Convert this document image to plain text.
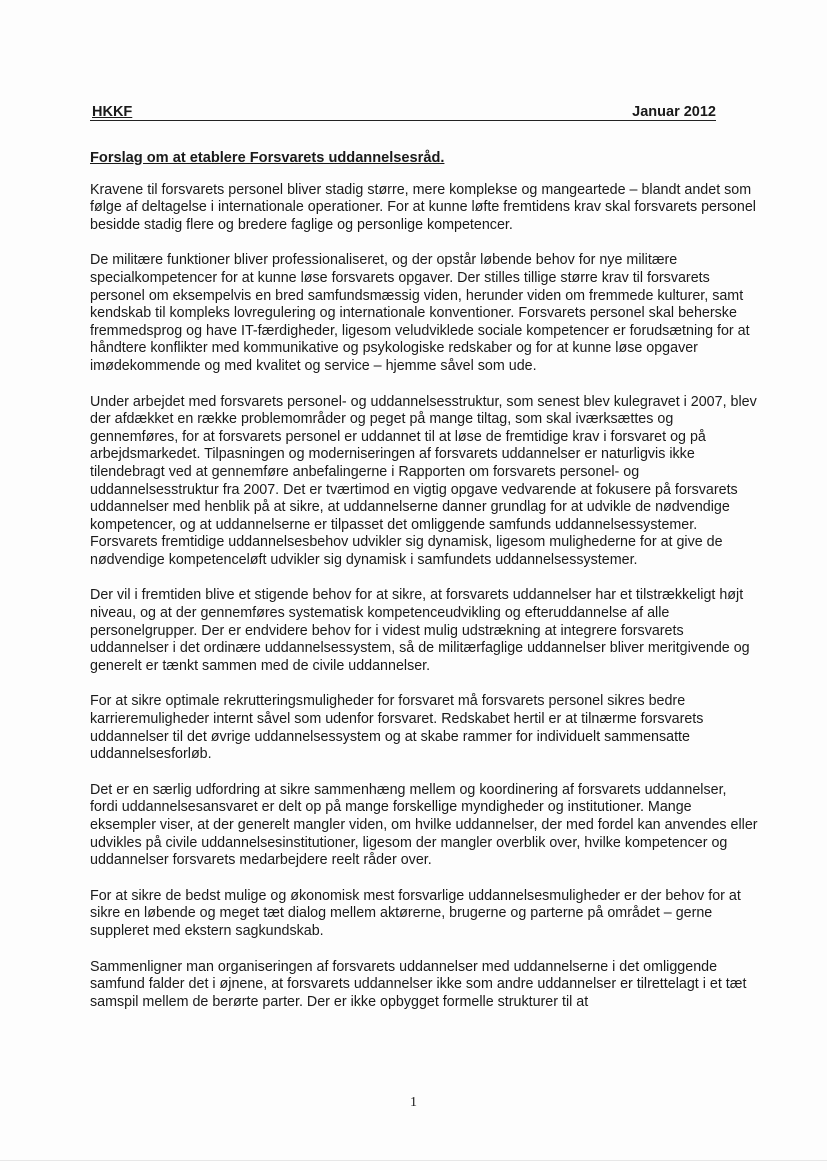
HKKF	Januar 2012
Forslag om at etablere Forsvarets uddannelsesråd.

Kravene til forsvarets personel bliver stadig større, mere komplekse og mangeartede – blandt andet som følge af deltagelse i internationale operationer. For at kunne løfte fremtidens krav skal forsvarets personel besidde stadig flere og bredere faglige og personlige kompetencer.

De militære funktioner bliver professionaliseret, og der opstår løbende behov for nye militære specialkompetencer for at kunne løse forsvarets opgaver. Der stilles tillige større krav til forsvarets personel om eksempelvis en bred samfundsmæssig viden, herunder viden om fremmede kulturer, samt kendskab til kompleks lovregulering og internationale konventioner. Forsvarets personel skal beherske fremmedsprog og have IT-færdigheder, ligesom veludviklede sociale kompetencer er forudsætning for at håndtere konflikter med kommunikative og psykologiske redskaber og for at kunne løse opgaver imødekommende og med kvalitet og service – hjemme såvel som ude.

Under arbejdet med forsvarets personel- og uddannelsesstruktur, som senest blev kulegravet i 2007, blev der afdækket en række problemområder og peget på mange tiltag, som skal iværksættes og gennemføres, for at forsvarets personel er uddannet til at løse de fremtidige krav i forsvaret og på arbejdsmarkedet. Tilpasningen og moderniseringen af forsvarets uddannelser er naturligvis ikke tilendebragt ved at gennemføre anbefalingerne i Rapporten om forsvarets personel- og uddannelsesstruktur fra 2007. Det er tværtimod en vigtig opgave vedvarende at fokusere på forsvarets uddannelser med henblik på at sikre, at uddannelserne danner grundlag for at udvikle de nødvendige kompetencer, og at uddannelserne er tilpasset det omliggende samfunds uddannelsessystemer. Forsvarets fremtidige uddannelsesbehov udvikler sig dynamisk, ligesom mulighederne for at give de nødvendige kompetenceløft udvikler sig dynamisk i samfundets uddannelsessystemer.

Der vil i fremtiden blive et stigende behov for at sikre, at forsvarets uddannelser har et tilstrækkeligt højt niveau, og at der gennemføres systematisk kompetenceudvikling og efteruddannelse af alle personelgrupper. Der er endvidere behov for i videst mulig udstrækning at integrere forsvarets uddannelser i det ordinære uddannelsessystem, så de militærfaglige uddannelser bliver meritgivende og generelt er tænkt sammen med de civile uddannelser.

For at sikre optimale rekrutteringsmuligheder for forsvaret må forsvarets personel sikres bedre karrieremuligheder internt såvel som udenfor forsvaret. Redskabet hertil er at tilnærme forsvarets uddannelser til det øvrige uddannelsessystem og at skabe rammer for individuelt sammensatte uddannelsesforløb.

Det er en særlig udfordring at sikre sammenhæng mellem og koordinering af forsvarets uddannelser, fordi uddannelsesansvaret er delt op på mange forskellige myndigheder og institutioner. Mange eksempler viser, at der generelt mangler viden, om hvilke uddannelser, der med fordel kan anvendes eller udvikles på civile uddannelsesinstitutioner, ligesom der mangler overblik over, hvilke kompetencer og uddannelser forsvarets medarbejdere reelt råder over.

For at sikre de bedst mulige og økonomisk mest forsvarlige uddannelsesmuligheder er der behov for at sikre en løbende og meget tæt dialog mellem aktørerne, brugerne og parterne på området – gerne suppleret med ekstern sagkundskab.

Sammenligner man organiseringen af forsvarets uddannelser med uddannelserne i det omliggende samfund falder det i øjnene, at forsvarets uddannelser ikke som andre uddannelser er tilrettelagt i et tæt samspil mellem de berørte parter. Der er ikke opbygget formelle strukturer til at

1
